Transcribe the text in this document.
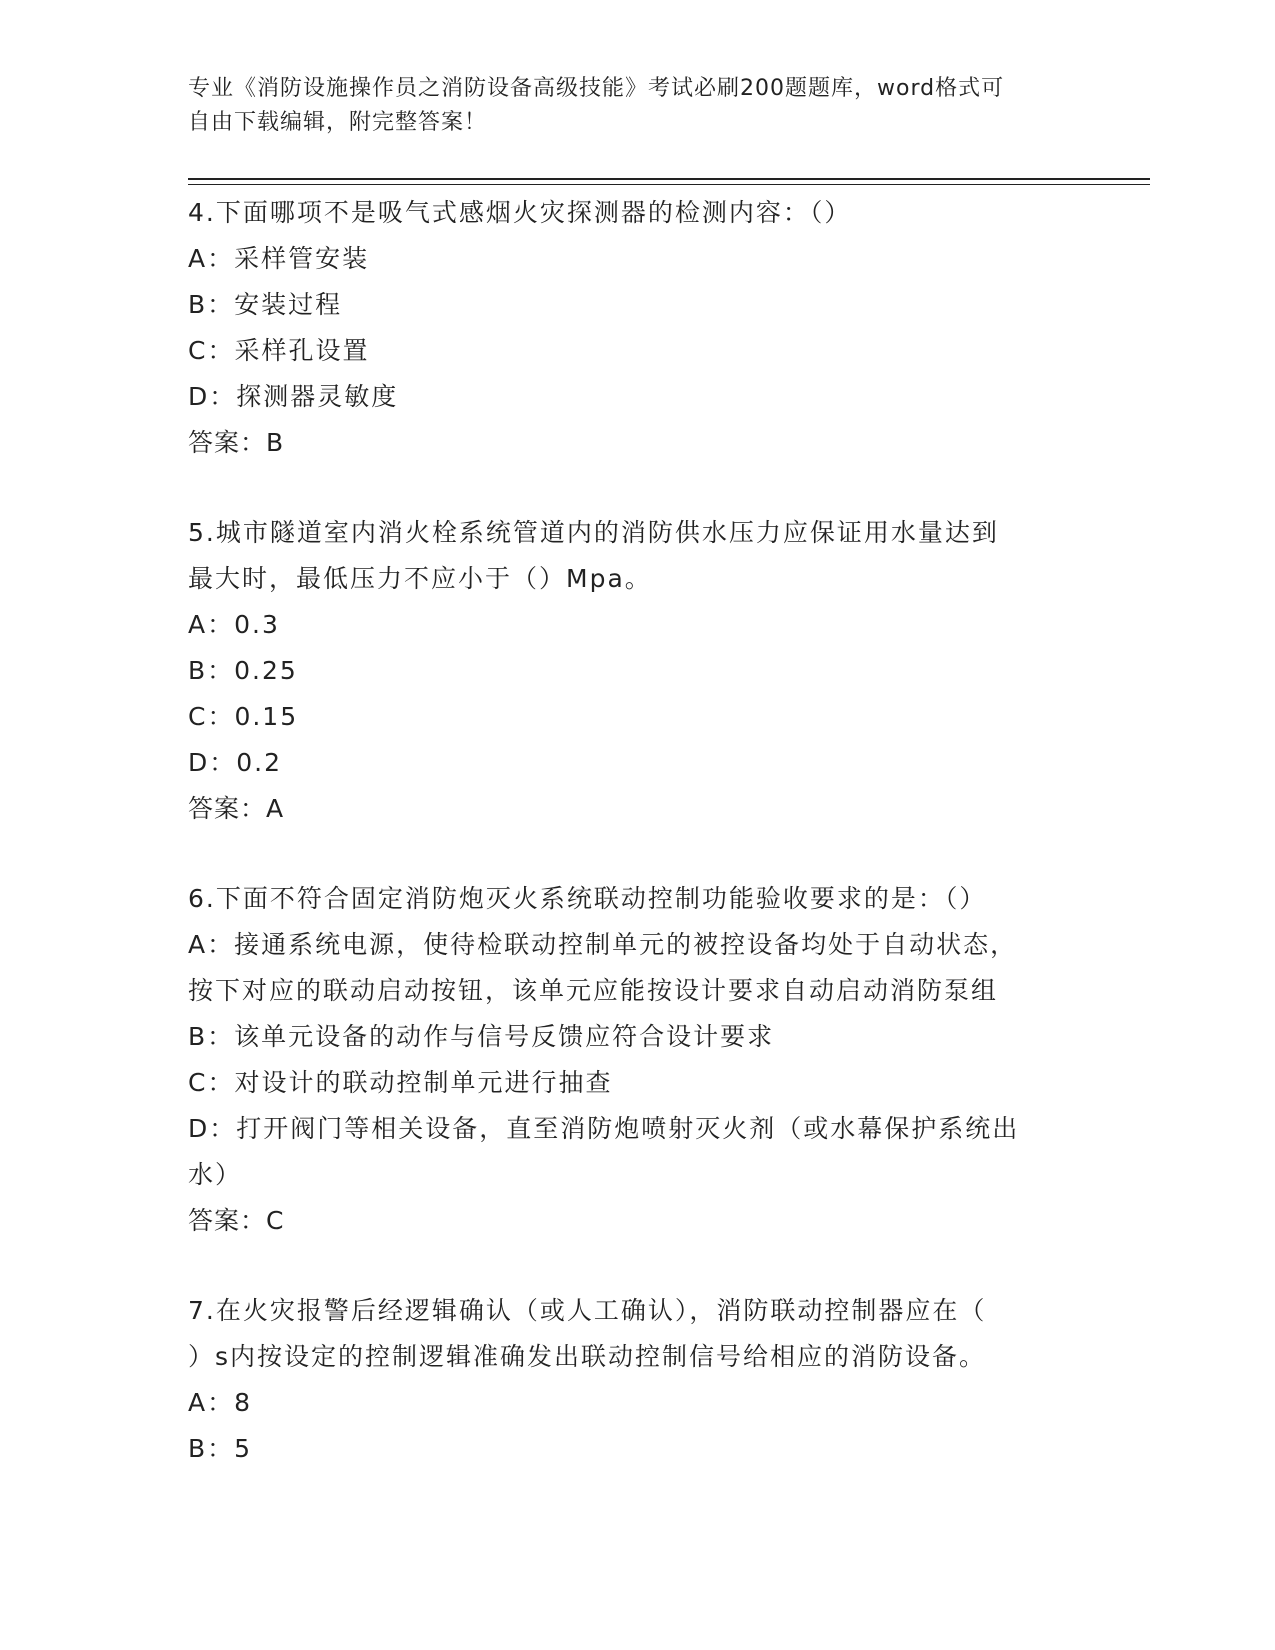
专业《消防设施操作员之消防设备高级技能》考试必刷200题题库，word格式可
自由下载编辑，附完整答案！
4.下面哪项不是吸气式感烟火灾探测器的检测内容：（）
A：采样管安装
B：安装过程
C：采样孔设置
D：探测器灵敏度
答案：B
5.城市隧道室内消火栓系统管道内的消防供水压力应保证用水量达到
最大时，最低压力不应小于（）Mpa。
A：0.3
B：0.25
C：0.15
D：0.2
答案：A
6.下面不符合固定消防炮灭火系统联动控制功能验收要求的是：（）
A：接通系统电源，使待检联动控制单元的被控设备均处于自动状态，
按下对应的联动启动按钮，该单元应能按设计要求自动启动消防泵组
B：该单元设备的动作与信号反馈应符合设计要求
C：对设计的联动控制单元进行抽查
D：打开阀门等相关设备，直至消防炮喷射灭火剂（或水幕保护系统出
水）
答案：C
7.在火灾报警后经逻辑确认（或人工确认），消防联动控制器应在（
）s内按设定的控制逻辑准确发出联动控制信号给相应的消防设备。
A：8
B：5
